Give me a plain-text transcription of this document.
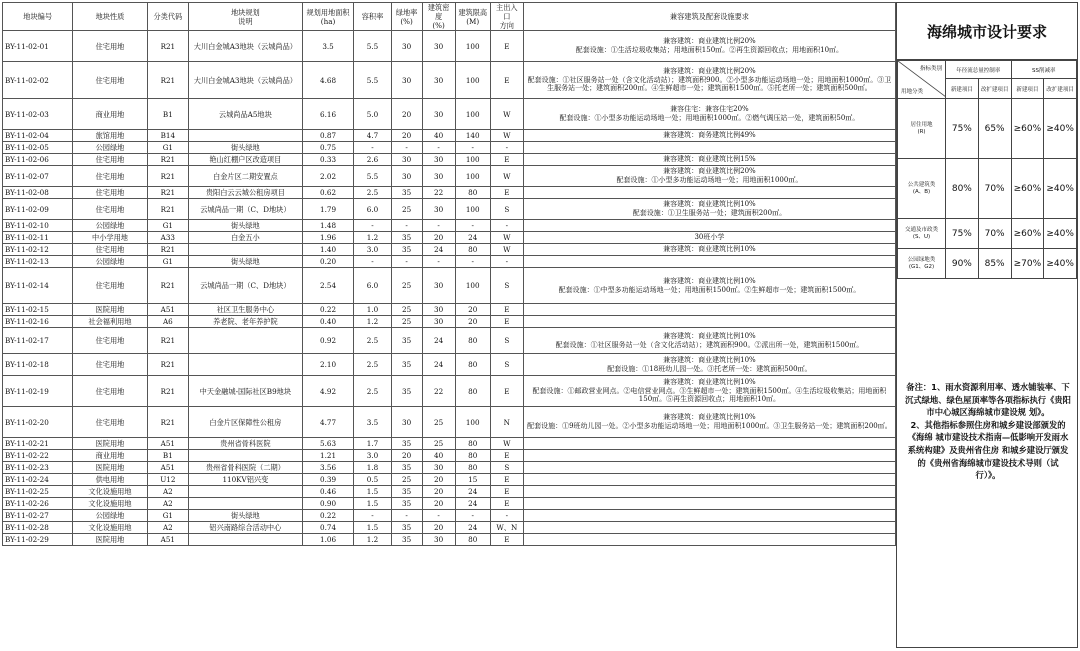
地块编号	地块性质	分类代码	地块规划
说明	规划用地面积
(ha)	容积率	绿地率
(%)	建筑密度
(%)	建筑限高
(M)	主出入口
方向	兼容建筑及配套设施要求
BY-11-02-01	住宅用地	R21	大川白金城A3地块（云城尚品）	3.5	5.5	30	30	100	E	兼容建筑：商业建筑比例20%
配套设施：①生活垃圾收集站；用地面积150㎡。②再生资源回收点；用地面积10㎡。
BY-11-02-02	住宅用地	R21	大川白金城A3地块（云城尚品）	4.68	5.5	30	30	100	E	兼容建筑：商业建筑比例20%
配套设施：①社区服务站一处（含文化活动站）；建筑面积900。②小型多功能运动场地一处；用地面积1000㎡。③卫生服务站一处；建筑面积200㎡。④生鲜超市一处；建筑面积1500㎡。⑤托老所一处；建筑面积500㎡。
BY-11-02-03	商业用地	B1	云城尚品A5地块	6.16	5.0	20	30	100	W	兼容住宅：兼容住宅20%
配套设施：①小型多功能运动场地一处；用地面积1000㎡。②燃气调压站一处，建筑面积50㎡。
BY-11-02-04	旅馆用地	B14		0.87	4.7	20	40	140	W	兼容建筑：商务建筑比例49%
BY-11-02-05	公园绿地	G1	街头绿地	0.75	-	-	-	-	-	
BY-11-02-06	住宅用地	R21	艳山红棚户区改造项目	0.33	2.6	30	30	100	E	兼容建筑：商业建筑比例15%
BY-11-02-07	住宅用地	R21	白金片区二期安置点	2.02	5.5	30	30	100	W	兼容建筑：商业建筑比例20%
配套设施：①小型多功能运动场地一处；用地面积1000㎡。
BY-11-02-08	住宅用地	R21	贵阳白云云城公租房项目	0.62	2.5	35	22	80	E	
BY-11-02-09	住宅用地	R21	云城尚品一期（C、D地块）	1.79	6.0	25	30	100	S	兼容建筑：商业建筑比例10%
配套设施：①卫生服务站一处；建筑面积200㎡。
BY-11-02-10	公园绿地	G1	街头绿地	1.48	-	-	-	-	-	
BY-11-02-11	中小学用地	A33	白金五小	1.96	1.2	35	20	24	W	30班小学
BY-11-02-12	住宅用地	R21		1.40	3.0	35	24	80	W	兼容建筑：商业建筑比例10%
BY-11-02-13	公园绿地	G1	街头绿地	0.20	-	-	-	-	-	
BY-11-02-14	住宅用地	R21	云城尚品一期（C、D地块）	2.54	6.0	25	30	100	S	兼容建筑：商业建筑比例10%
配套设施：①中型多功能运动场地一处；用地面积1500㎡。②生鲜超市一处；建筑面积1500㎡。
BY-11-02-15	医院用地	A51	社区卫生服务中心	0.22	1.0	25	30	20	E	
BY-11-02-16	社会福利用地	A6	养老院、老年养护院	0.40	1.2	25	30	20	E	
BY-11-02-17	住宅用地	R21		0.92	2.5	35	24	80	S	兼容建筑：商业建筑比例10%
配套设施：①社区服务站一处（含文化活动站）；建筑面积900。②派出所一处，建筑面积1500㎡。
BY-11-02-18	住宅用地	R21		2.10	2.5	35	24	80	S	兼容建筑：商业建筑比例10%
配套设施：①18班幼儿园一处。③托老所一处：建筑面积500㎡。
BY-11-02-19	住宅用地	R21	中天金融城-国际社区B9地块	4.92	2.5	35	22	80	E	兼容建筑：商业建筑比例10%
配套设施：①邮政营业网点。②电信营业网点。③生鲜超市一处；建筑面积1500㎡。④生活垃圾收集站；用地面积150㎡。⑤再生资源回收点；用地面积10㎡。
BY-11-02-20	住宅用地	R21	白金片区保障性公租房	4.77	3.5	30	25	100	N	兼容建筑：商业建筑比例10%
配套设施：①9班幼儿园一处。②小型多功能运动场地一处；用地面积1000㎡。③卫生服务站一处；建筑面积200㎡。
BY-11-02-21	医院用地	A51	贵州省骨科医院	5.63	1.7	35	25	80	W	
BY-11-02-22	商业用地	B1		1.21	3.0	20	40	80	E	
BY-11-02-23	医院用地	A51	贵州省骨科医院（二期）	3.56	1.8	35	30	80	S	
BY-11-02-24	供电用地	U12	110KV铝兴变	0.39	0.5	25	20	15	E	
BY-11-02-25	文化设施用地	A2		0.46	1.5	35	20	24	E	
BY-11-02-26	文化设施用地	A2		0.90	1.5	35	20	24	E	
BY-11-02-27	公园绿地	G1	街头绿地	0.22	-	-	-	-	-	
BY-11-02-28	文化设施用地	A2	铝兴南路综合活动中心	0.74	1.5	35	20	24	W、N	
BY-11-02-29	医院用地	A51		1.06	1.2	35	30	80	E	
海绵城市设计要求
指标类别
用地分类	年径流总量控制率		SS削减率	
	新建项目	改扩建项目	新建项目	改扩建项目
居住用地
(R)	75%	65%	≥60%	≥40%
公共建筑类
(A、B)	80%	70%	≥60%	≥40%
交通及市政类
(S、U)	75%	70%	≥60%	≥40%
公园绿地类
(G1、G2)	90%	85%	≥70%	≥40%
备注：1、雨水资源利用率、透水铺装率、下沉式绿地、绿色屋顶率等各项指标执行《贵阳市中心城区海绵城市建设规 划》。
2、其他指标参照住房和城乡建设部颁发的《海绵 城市建设技术指南—低影响开发雨水系统构建》及贵州省住房 和城乡建设厅颁发的《贵州省海绵城市建设技术导则（试 行）》。
